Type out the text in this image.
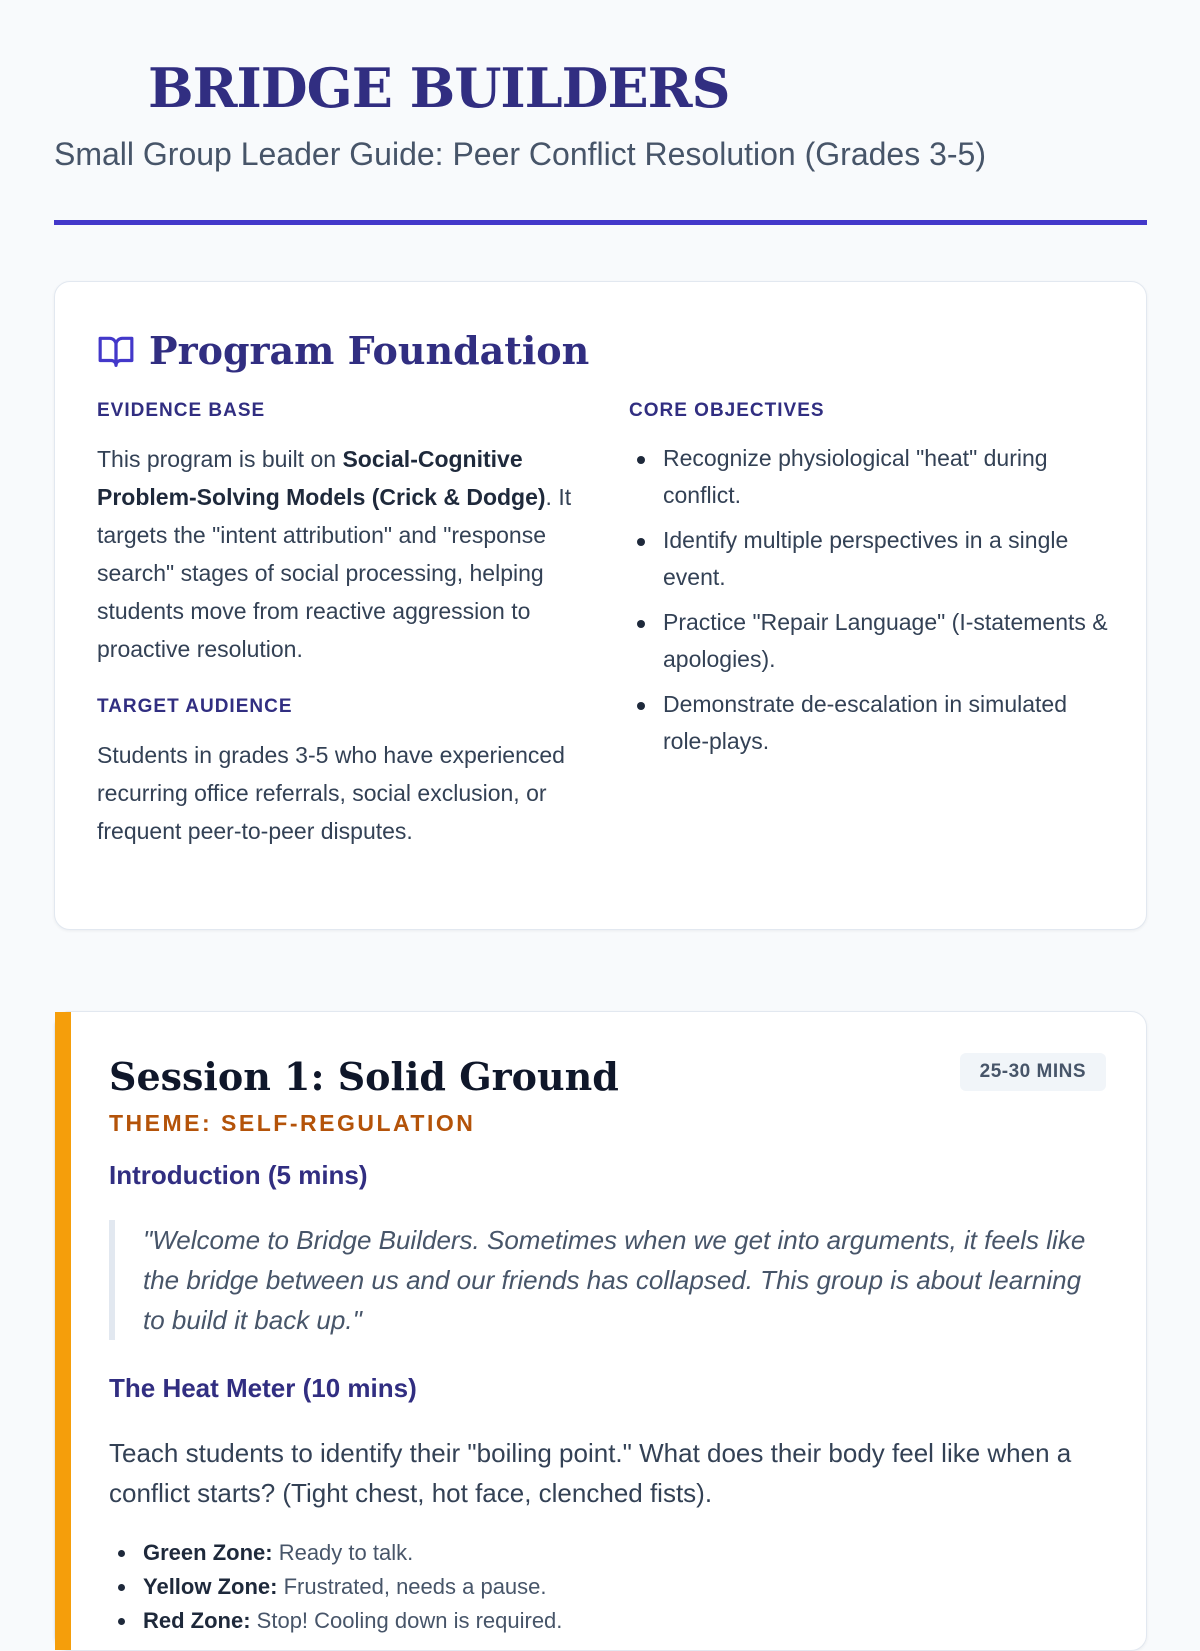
BRIDGE BUILDERS
Small Group Leader Guide: Peer Conflict Resolution (Grades 3-5)
Program Foundation
EVIDENCE BASE

This program is built on Social-Cognitive Problem-Solving Models (Crick & Dodge). It targets the "intent attribution" and "response search" stages of social processing, helping students move from reactive aggression to proactive resolution.

TARGET AUDIENCE

Students in grades 3-5 who have experienced recurring office referrals, social exclusion, or frequent peer-to-peer disputes.

CORE OBJECTIVES
Recognize physiological "heat" during conflict.
Identify multiple perspectives in a single event.
Practice "Repair Language" (I-statements & apologies).
Demonstrate de-escalation in simulated role-plays.
Session 1: Solid Ground	25-30 MINS
THEME: SELF-REGULATION
Introduction (5 mins)
"Welcome to Bridge Builders. Sometimes when we get into arguments, it feels like the bridge between us and our friends has collapsed. This group is about learning to build it back up."
The Heat Meter (10 mins)

Teach students to identify their "boiling point." What does their body feel like when a conflict starts? (Tight chest, hot face, clenched fists).

Green Zone: Ready to talk.
Yellow Zone: Frustrated, needs a pause.
Red Zone: Stop! Cooling down is required.
